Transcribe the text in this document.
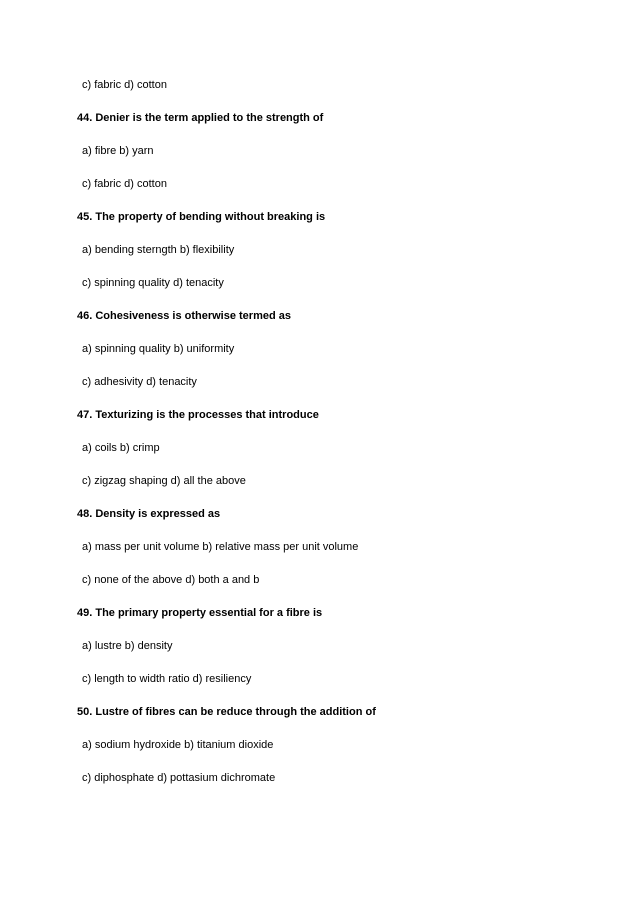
c) fabric d) cotton
44. Denier is the term applied to the strength of
a) fibre b) yarn
c) fabric d) cotton
45. The property of bending without breaking is
a) bending sterngth b) flexibility
c) spinning quality d) tenacity
46. Cohesiveness is otherwise termed as
a) spinning quality b) uniformity
c) adhesivity d) tenacity
47. Texturizing is the processes that introduce
a) coils b) crimp
c) zigzag shaping d) all the above
48. Density is expressed as
a) mass per unit volume b) relative mass per unit volume
c) none of the above d) both a and b
49. The primary property essential for a fibre is
a) lustre b) density
c) length to width ratio d) resiliency
50. Lustre of fibres can be reduce through the addition of
a) sodium hydroxide b) titanium dioxide
c) diphosphate d) pottasium dichromate
